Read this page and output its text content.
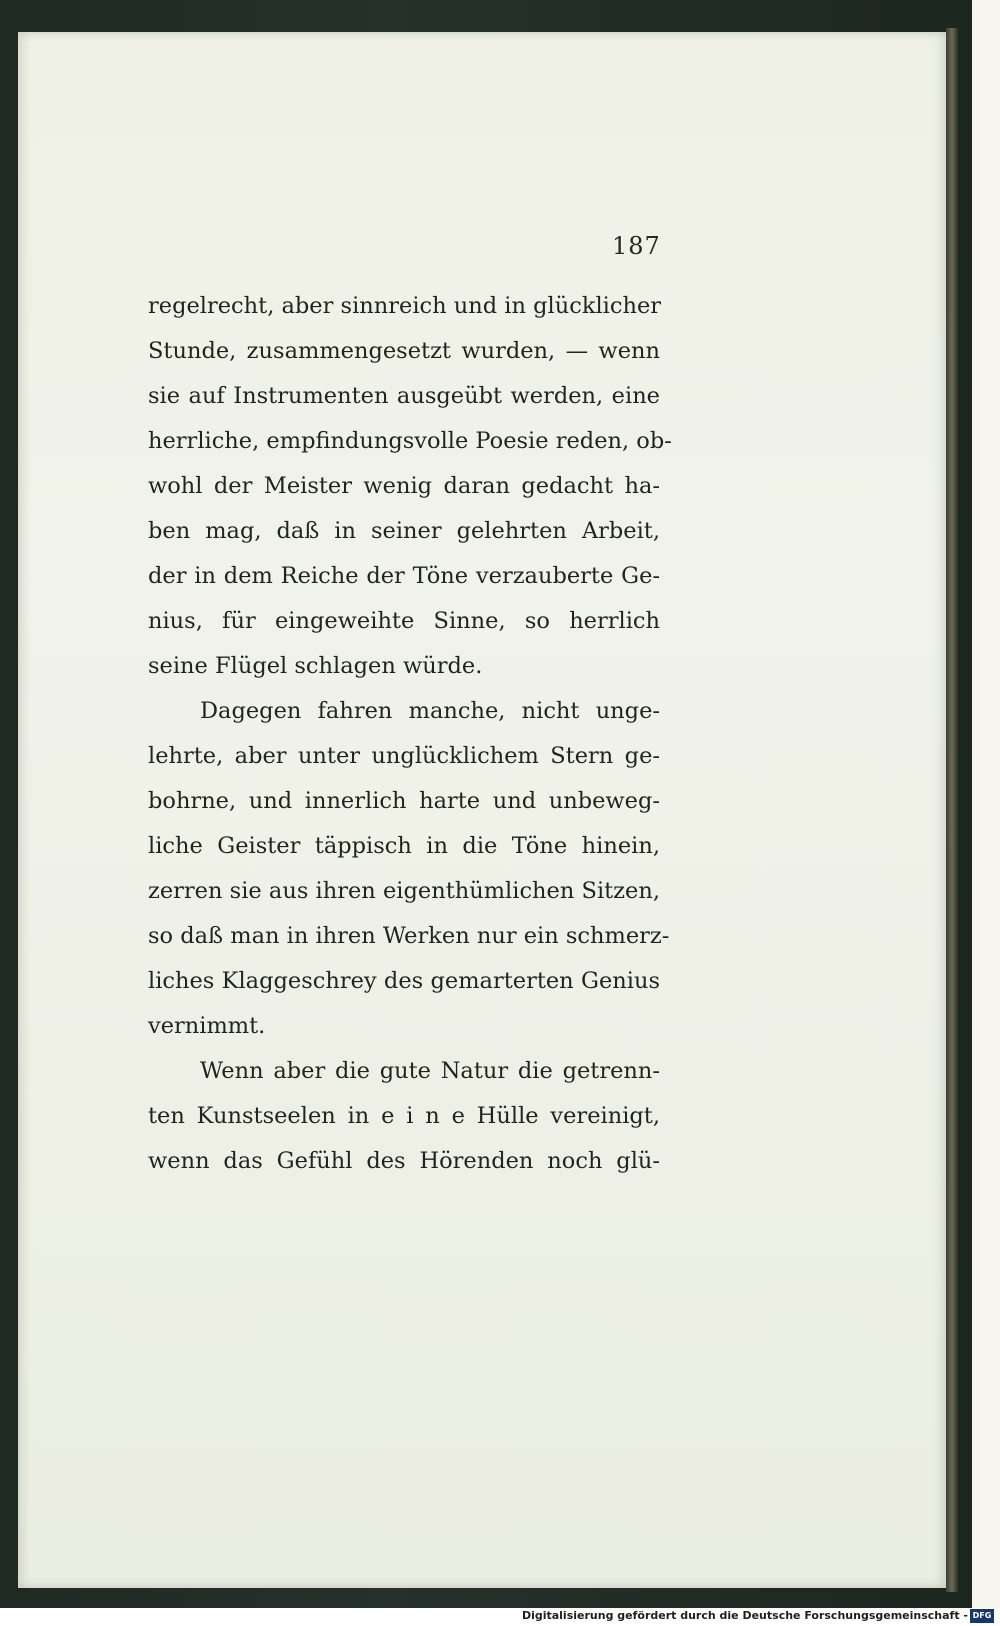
187
regelrecht, aber sinnreich und in glücklicher
Stunde, zusammengesetzt wurden, — wenn
sie auf Instrumenten ausgeübt werden, eine
herrliche, empfindungsvolle Poesie reden, ob-
wohl der Meister wenig daran gedacht ha-
ben mag, daß in seiner gelehrten Arbeit,
der in dem Reiche der Töne verzauberte Ge-
nius, für eingeweihte Sinne, so herrlich
seine Flügel schlagen würde.
Dagegen fahren manche, nicht unge-
lehrte, aber unter unglücklichem Stern ge-
bohrne, und innerlich harte und unbeweg-
liche Geister täppisch in die Töne hinein,
zerren sie aus ihren eigenthümlichen Sitzen,
so daß man in ihren Werken nur ein schmerz-
liches Klaggeschrey des gemarterten Genius
vernimmt.
Wenn aber die gute Natur die getrenn-
ten Kunstseelen in e i n e Hülle vereinigt,
wenn das Gefühl des Hörenden noch glü-
Digitalisierung gefördert durch die Deutsche Forschungsgemeinschaft - DFG
